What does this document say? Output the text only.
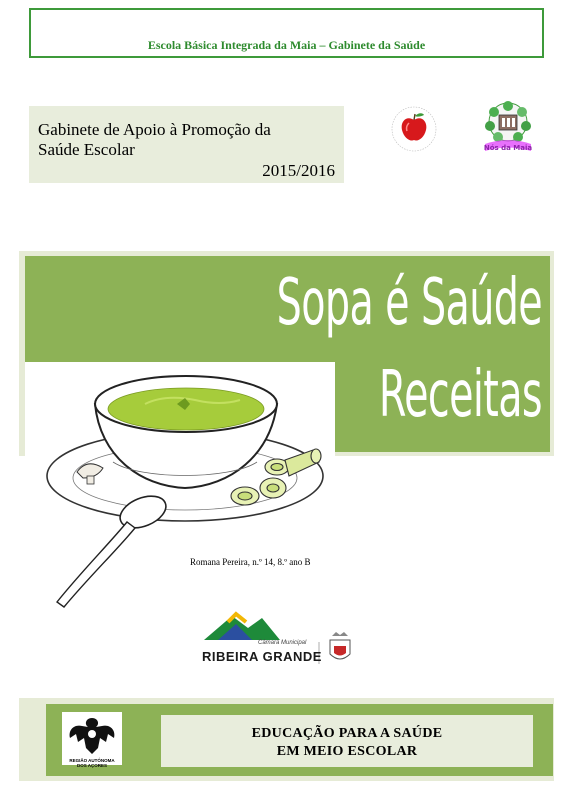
Escola Básica Integrada da Maia – Gabinete da Saúde
Gabinete de Apoio à Promoção da
Saúde Escolar
2015/2016
Nós da Maia
Sopa é Saúde
Receitas
Romana Pereira, n.º 14, 8.º ano B
Câmara Municipal
RIBEIRA GRANDE
REGIÃO AUTÓNOMA DOS AÇORES
EDUCAÇÃO PARA A SAÚDE
EM MEIO ESCOLAR
